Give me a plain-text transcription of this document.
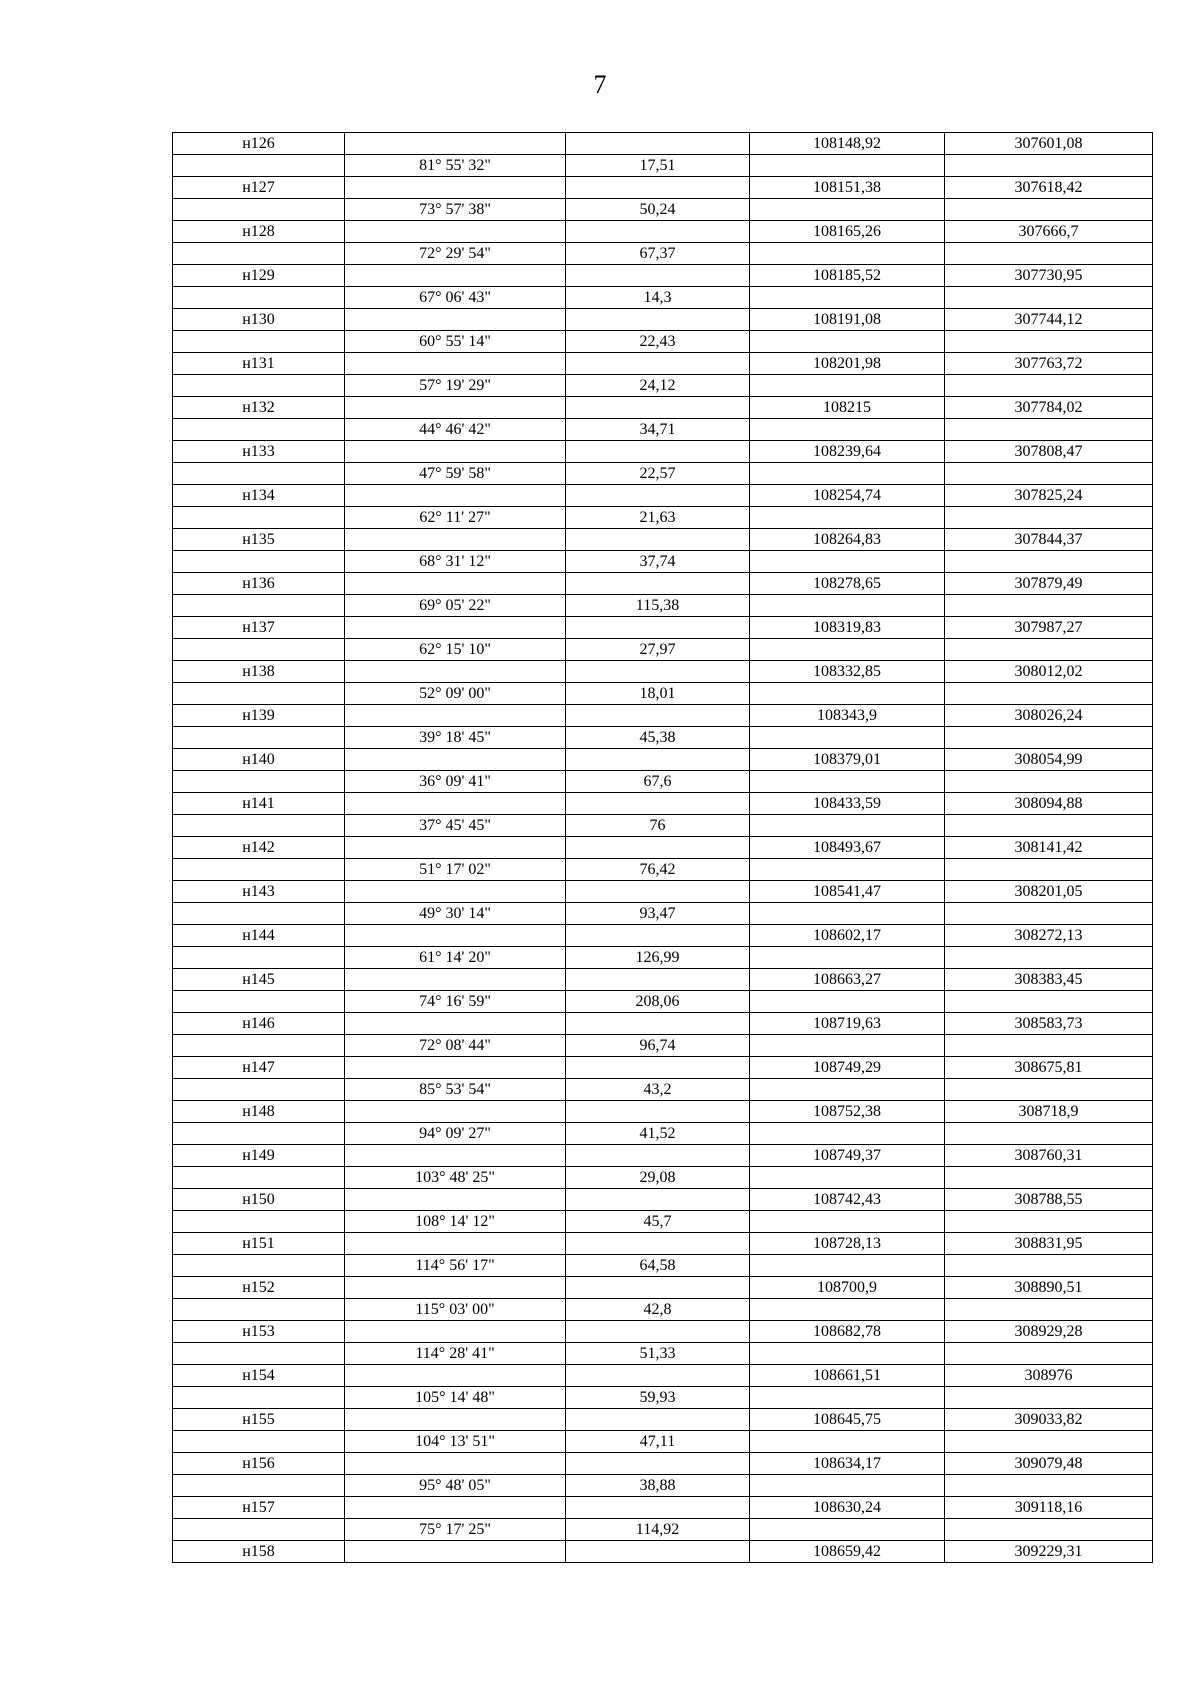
7
н126			108148,92	307601,08
	81° 55' 32"	17,51		
н127			108151,38	307618,42
	73° 57' 38"	50,24		
н128			108165,26	307666,7
	72° 29' 54"	67,37		
н129			108185,52	307730,95
	67° 06' 43"	14,3		
н130			108191,08	307744,12
	60° 55' 14"	22,43		
н131			108201,98	307763,72
	57° 19' 29"	24,12		
н132			108215	307784,02
	44° 46' 42"	34,71		
н133			108239,64	307808,47
	47° 59' 58"	22,57		
н134			108254,74	307825,24
	62° 11' 27"	21,63		
н135			108264,83	307844,37
	68° 31' 12"	37,74		
н136			108278,65	307879,49
	69° 05' 22"	115,38		
н137			108319,83	307987,27
	62° 15' 10"	27,97		
н138			108332,85	308012,02
	52° 09' 00"	18,01		
н139			108343,9	308026,24
	39° 18' 45"	45,38		
н140			108379,01	308054,99
	36° 09' 41"	67,6		
н141			108433,59	308094,88
	37° 45' 45"	76		
н142			108493,67	308141,42
	51° 17' 02"	76,42		
н143			108541,47	308201,05
	49° 30' 14"	93,47		
н144			108602,17	308272,13
	61° 14' 20"	126,99		
н145			108663,27	308383,45
	74° 16' 59"	208,06		
н146			108719,63	308583,73
	72° 08' 44"	96,74		
н147			108749,29	308675,81
	85° 53' 54"	43,2		
н148			108752,38	308718,9
	94° 09' 27"	41,52		
н149			108749,37	308760,31
	103° 48' 25"	29,08		
н150			108742,43	308788,55
	108° 14' 12"	45,7		
н151			108728,13	308831,95
	114° 56' 17"	64,58		
н152			108700,9	308890,51
	115° 03' 00"	42,8		
н153			108682,78	308929,28
	114° 28' 41"	51,33		
н154			108661,51	308976
	105° 14' 48"	59,93		
н155			108645,75	309033,82
	104° 13' 51"	47,11		
н156			108634,17	309079,48
	95° 48' 05"	38,88		
н157			108630,24	309118,16
	75° 17' 25"	114,92		
н158			108659,42	309229,31
